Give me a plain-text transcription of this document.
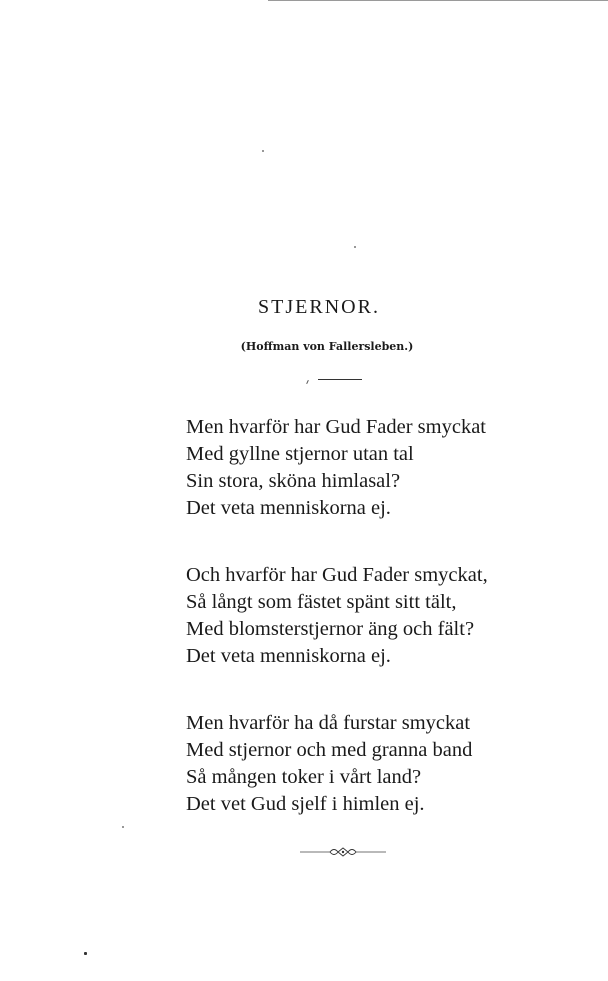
STJERNOR.
(Hoffman von Fallersleben.)
Men hvarför har Gud Fader smyckat
Med gyllne stjernor utan tal
Sin stora, sköna himlasal?
Det veta menniskorna ej.
Och hvarför har Gud Fader smyckat,
Så långt som fästet spänt sitt tält,
Med blomsterstjernor äng och fält?
Det veta menniskorna ej.
Men hvarför ha då furstar smyckat
Med stjernor och med granna band
Så mången toker i vårt land?
Det vet Gud sjelf i himlen ej.
